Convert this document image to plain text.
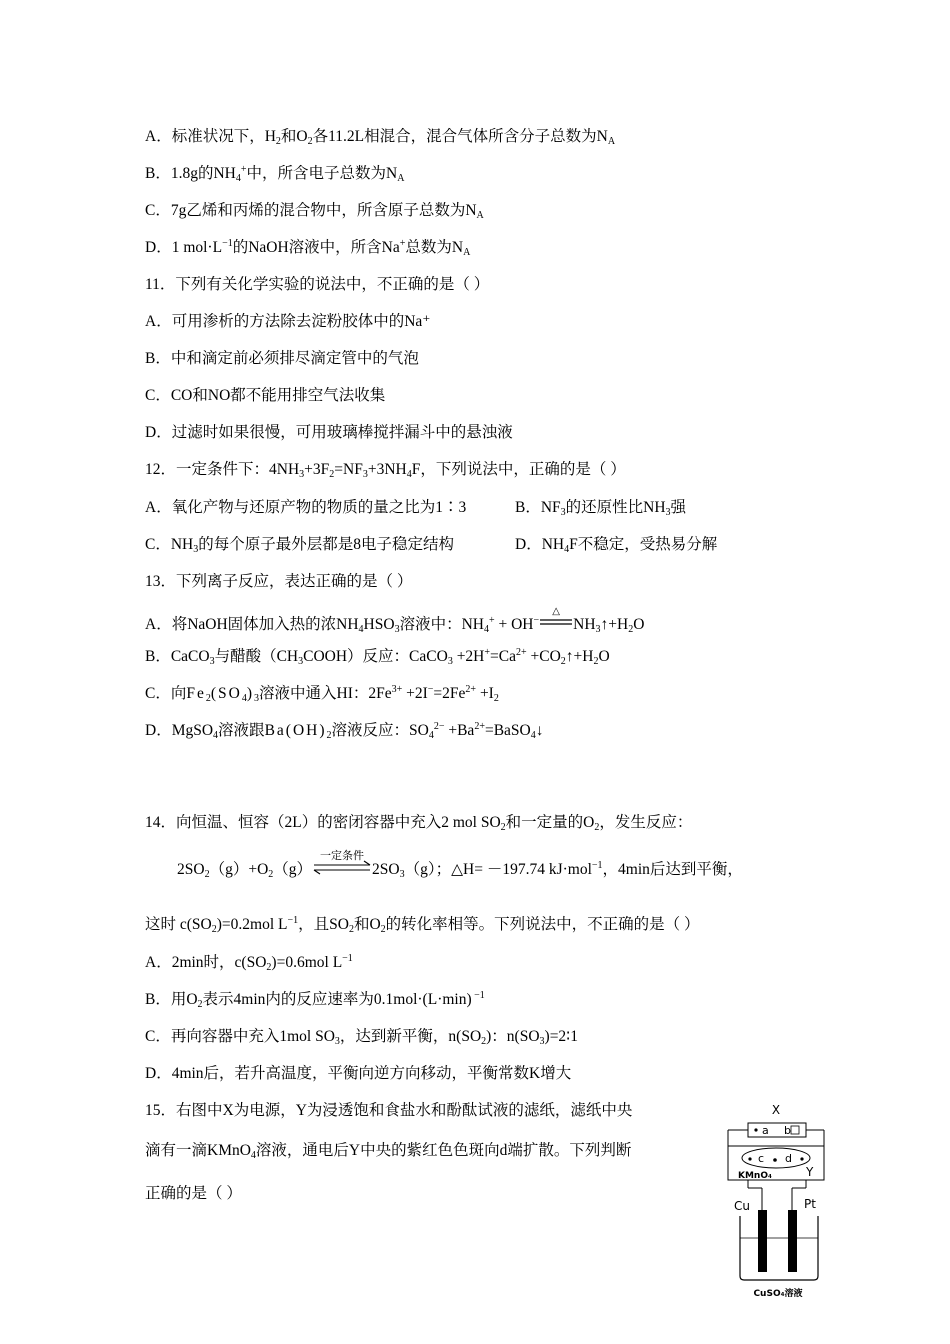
A．标准状况下，$H_2$和$O_2$各11.2L相混合，混合气体所含分子总数为$N_A$
B．1.8g的$NH_4^+$中，所含电子总数为$N_A$
C．7g乙烯和丙烯的混合物中，所含原子总数为$N_A$
D．1 $mol\cdot L^{-1}$的NaOH溶液中，所含Na+总数为$N_A$
11．下列有关化学实验的说法中，不正确的是（ ）
A．可用渗析的方法除去淀粉胶体中的Na⁺
B．中和滴定前必须排尽滴定管中的气泡
C．CO和NO都不能用排空气法收集
D．过滤时如果很慢，可用玻璃棒搅拌漏斗中的悬浊液
12．一定条件下：$4NH_3+3F_2=NF_3+3NH_4F$，下列说法中，正确的是（ ）
A．氧化产物与还原产物的物质的量之比为1∶3	B．$NF_3$的还原性比$NH_3$强
C．$NH_3$的每个原子最外层都是8电子稳定结构	D．$NH_4F$不稳定，受热易分解
13．下列离子反应，表达正确的是（ ）
A．将NaOH固体加入热的浓$NH_4HSO_3$溶液中：$NH_4^+ + OH^-$
△
$NH_3↑+H_2O$
B．CaCO$_3$与醋酸$(CH_3COOH)$反应：CaCO$_3$ $+2H^+=Ca^{2+}$ $+CO_2↑+H_2O$
C．向$Fe_2(SO_4)_3$溶液中通入HI：$2Fe^{3+} +2I^-=2Fe^{2+} +I_2$
D．MgSO$_4$溶液跟$Ba(OH)_2$溶液反应：$SO_4^{2-}$ $+Ba^{2+}=BaSO_4↓$
14．向恒温、恒容（2L）的密闭容器中充入2 mol $SO_2$和一定量的$O_2$，发生反应：
$2SO_2(g)+O_2(g)$
一定条件
$2SO_3(g)$；△H= －197.74 kJ·mol$^{-1}$，4min后达到平衡，
这时 $c(SO_2)=0.2mol$ $L^{-1}$，且$SO_2$和$O_2$的转化率相等。下列说法中，不正确的是（ ）
A．2min时，$c(SO_2)=0.6mol$ $L^{-1}$
B．用$O_2$表示4min内的反应速率为0.1mol·(L·min) $^{-1}$
C．再向容器中充入1mol $SO_3$，达到新平衡，$n(SO_2)$：$n(SO_3)=2∶1$
D．4min后，若升高温度，平衡向逆方向移动，平衡常数K增大
15．右图中X为电源，Y为浸透饱和食盐水和酚酞试液的滤纸，滤纸中央
滴有一滴KMnO$_4$溶液，通电后Y中央的紫红色色斑向d端扩散。下列判断
正确的是（ ）
X
a b
c d
KMnO₄	Y
Cu	Pt
CuSO₄溶液
